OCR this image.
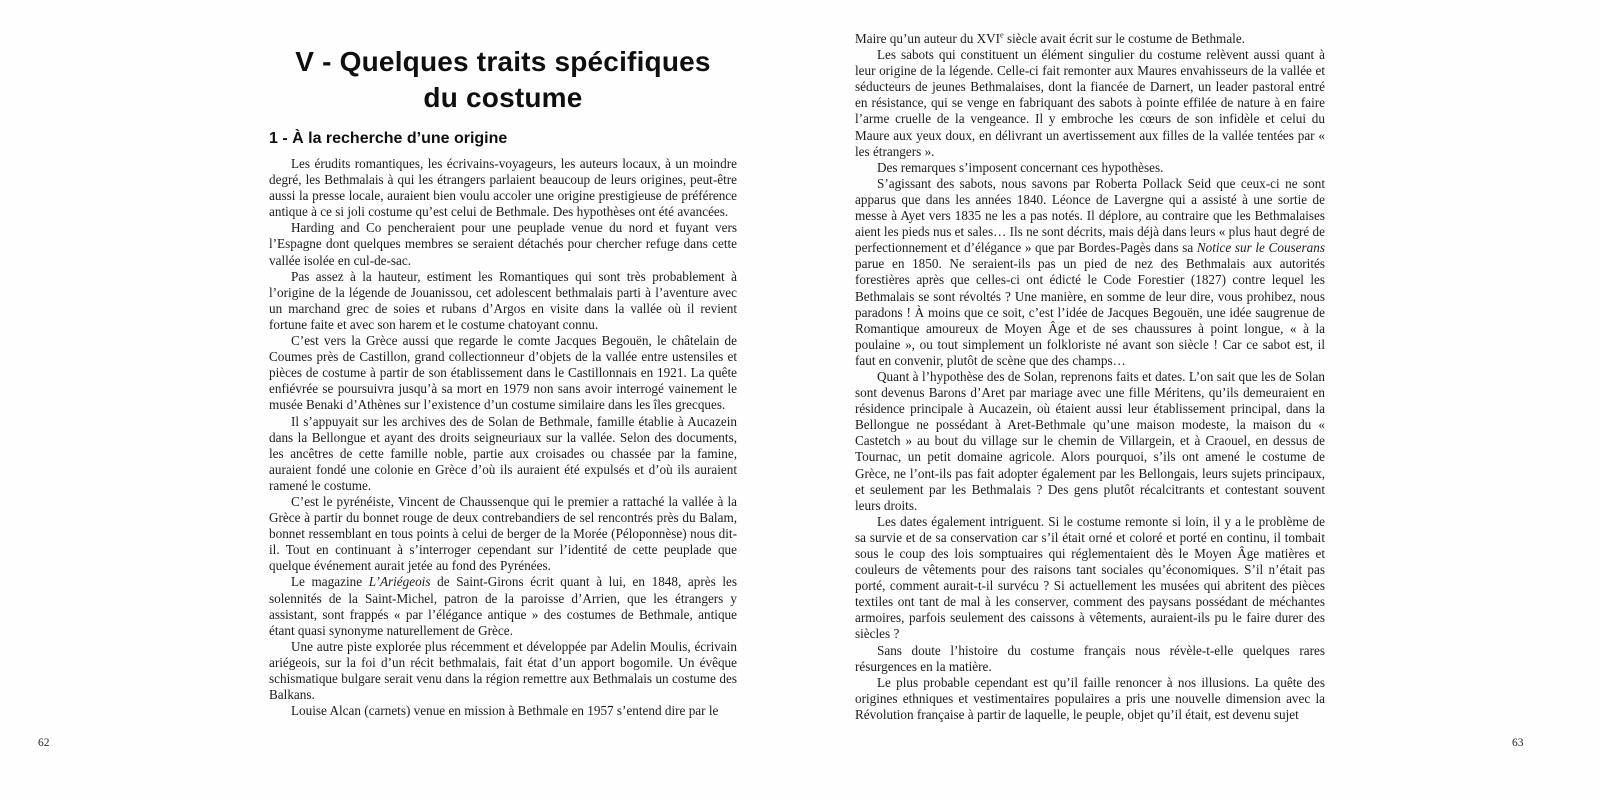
V - Quelques traits spécifiques
du costume
1 - À la recherche d’une origine

Les érudits romantiques, les écrivains-voyageurs, les auteurs locaux, à un moindre degré, les Bethmalais à qui les étrangers parlaient beaucoup de leurs origines, peut-être aussi la presse locale, auraient bien voulu accoler une origine prestigieuse de préférence antique à ce si joli costume qu’est celui de Bethmale. Des hypothèses ont été avancées.

Harding and Co pencheraient pour une peuplade venue du nord et fuyant vers l’Espagne dont quelques membres se seraient détachés pour chercher refuge dans cette vallée isolée en cul-de-sac.

Pas assez à la hauteur, estiment les Romantiques qui sont très probablement à l’origine de la légende de Jouanissou, cet adolescent bethmalais parti à l’aventure avec un marchand grec de soies et rubans d’Argos en visite dans la vallée où il revient fortune faite et avec son harem et le costume chatoyant connu.

C’est vers la Grèce aussi que regarde le comte Jacques Begouën, le châtelain de Coumes près de Castillon, grand collectionneur d’objets de la vallée entre ustensiles et pièces de costume à partir de son établissement dans le Castillonnais en 1921. La quête enfiévrée se poursuivra jusqu’à sa mort en 1979 non sans avoir interrogé vainement le musée Benaki d’Athènes sur l’existence d’un costume similaire dans les îles grecques.

Il s’appuyait sur les archives des de Solan de Bethmale, famille établie à Aucazein dans la Bellongue et ayant des droits seigneuriaux sur la vallée. Selon des documents, les ancêtres de cette famille noble, partie aux croisades ou chassée par la famine, auraient fondé une colonie en Grèce d’où ils auraient été expulsés et d’où ils auraient ramené le costume.

C’est le pyrénéiste, Vincent de Chaussenque qui le premier a rattaché la vallée à la Grèce à partir du bonnet rouge de deux contrebandiers de sel rencontrés près du Balam, bonnet ressemblant en tous points à celui de berger de la Morée (Péloponnèse) nous dit-il. Tout en continuant à s’interroger cependant sur l’identité de cette peuplade que quelque événement aurait jetée au fond des Pyrénées.

Le magazine L’Ariégeois de Saint-Girons écrit quant à lui, en 1848, après les solennités de la Saint-Michel, patron de la paroisse d’Arrien, que les étrangers y assistant, sont frappés « par l’élégance antique » des costumes de Bethmale, antique étant quasi synonyme naturellement de Grèce.

Une autre piste explorée plus récemment et développée par Adelin Moulis, écrivain ariégeois, sur la foi d’un récit bethmalais, fait état d’un apport bogomile. Un évêque schismatique bulgare serait venu dans la région remettre aux Bethmalais un costume des Balkans.

Louise Alcan (carnets) venue en mission à Bethmale en 1957 s’entend dire par le

Maire qu’un auteur du XVIe siècle avait écrit sur le costume de Bethmale.

Les sabots qui constituent un élément singulier du costume relèvent aussi quant à leur origine de la légende. Celle-ci fait remonter aux Maures envahisseurs de la vallée et séducteurs de jeunes Bethmalaises, dont la fiancée de Darnert, un leader pastoral entré en résistance, qui se venge en fabriquant des sabots à pointe effilée de nature à en faire l’arme cruelle de la vengeance. Il y embroche les cœurs de son infidèle et celui du Maure aux yeux doux, en délivrant un avertissement aux filles de la vallée tentées par « les étrangers ».

Des remarques s’imposent concernant ces hypothèses.

S’agissant des sabots, nous savons par Roberta Pollack Seid que ceux-ci ne sont apparus que dans les années 1840. Léonce de Lavergne qui a assisté à une sortie de messe à Ayet vers 1835 ne les a pas notés. Il déplore, au contraire que les Bethmalaises aient les pieds nus et sales… Ils ne sont décrits, mais déjà dans leurs « plus haut degré de perfectionnement et d’élégance » que par Bordes-Pagès dans sa Notice sur le Couserans parue en 1850. Ne seraient-ils pas un pied de nez des Bethmalais aux autorités forestières après que celles-ci ont édicté le Code Forestier (1827) contre lequel les Bethmalais se sont révoltés ? Une manière, en somme de leur dire, vous prohibez, nous paradons ! À moins que ce soit, c’est l’idée de Jacques Begouën, une idée saugrenue de Romantique amoureux de Moyen Âge et de ses chaussures à point longue, « à la poulaine », ou tout simplement un folkloriste né avant son siècle ! Car ce sabot est, il faut en convenir, plutôt de scène que des champs…

Quant à l’hypothèse des de Solan, reprenons faits et dates. L’on sait que les de Solan sont devenus Barons d’Aret par mariage avec une fille Méritens, qu’ils demeuraient en résidence principale à Aucazein, où étaient aussi leur établissement principal, dans la Bellongue ne possédant à Aret-Bethmale qu’une maison modeste, la maison du « Castetch » au bout du village sur le chemin de Villargein, et à Craouel, en dessus de Tournac, un petit domaine agricole. Alors pourquoi, s’ils ont amené le costume de Grèce, ne l’ont-ils pas fait adopter également par les Bellongais, leurs sujets principaux, et seulement par les Bethmalais ? Des gens plutôt récalcitrants et contestant souvent leurs droits.

Les dates également intriguent. Si le costume remonte si loin, il y a le problème de sa survie et de sa conservation car s’il était orné et coloré et porté en continu, il tombait sous le coup des lois somptuaires qui réglementaient dès le Moyen Âge matières et couleurs de vêtements pour des raisons tant sociales qu’économiques. S’il n’était pas porté, comment aurait-t-il survécu ? Si actuellement les musées qui abritent des pièces textiles ont tant de mal à les conserver, comment des paysans possédant de méchantes armoires, parfois seulement des caissons à vêtements, auraient-ils pu le faire durer des siècles ?

Sans doute l’histoire du costume français nous révèle-t-elle quelques rares résurgences en la matière.

Le plus probable cependant est qu’il faille renoncer à nos illusions. La quête des origines ethniques et vestimentaires populaires a pris une nouvelle dimension avec la Révolution française à partir de laquelle, le peuple, objet qu’il était, est devenu sujet

62	63
